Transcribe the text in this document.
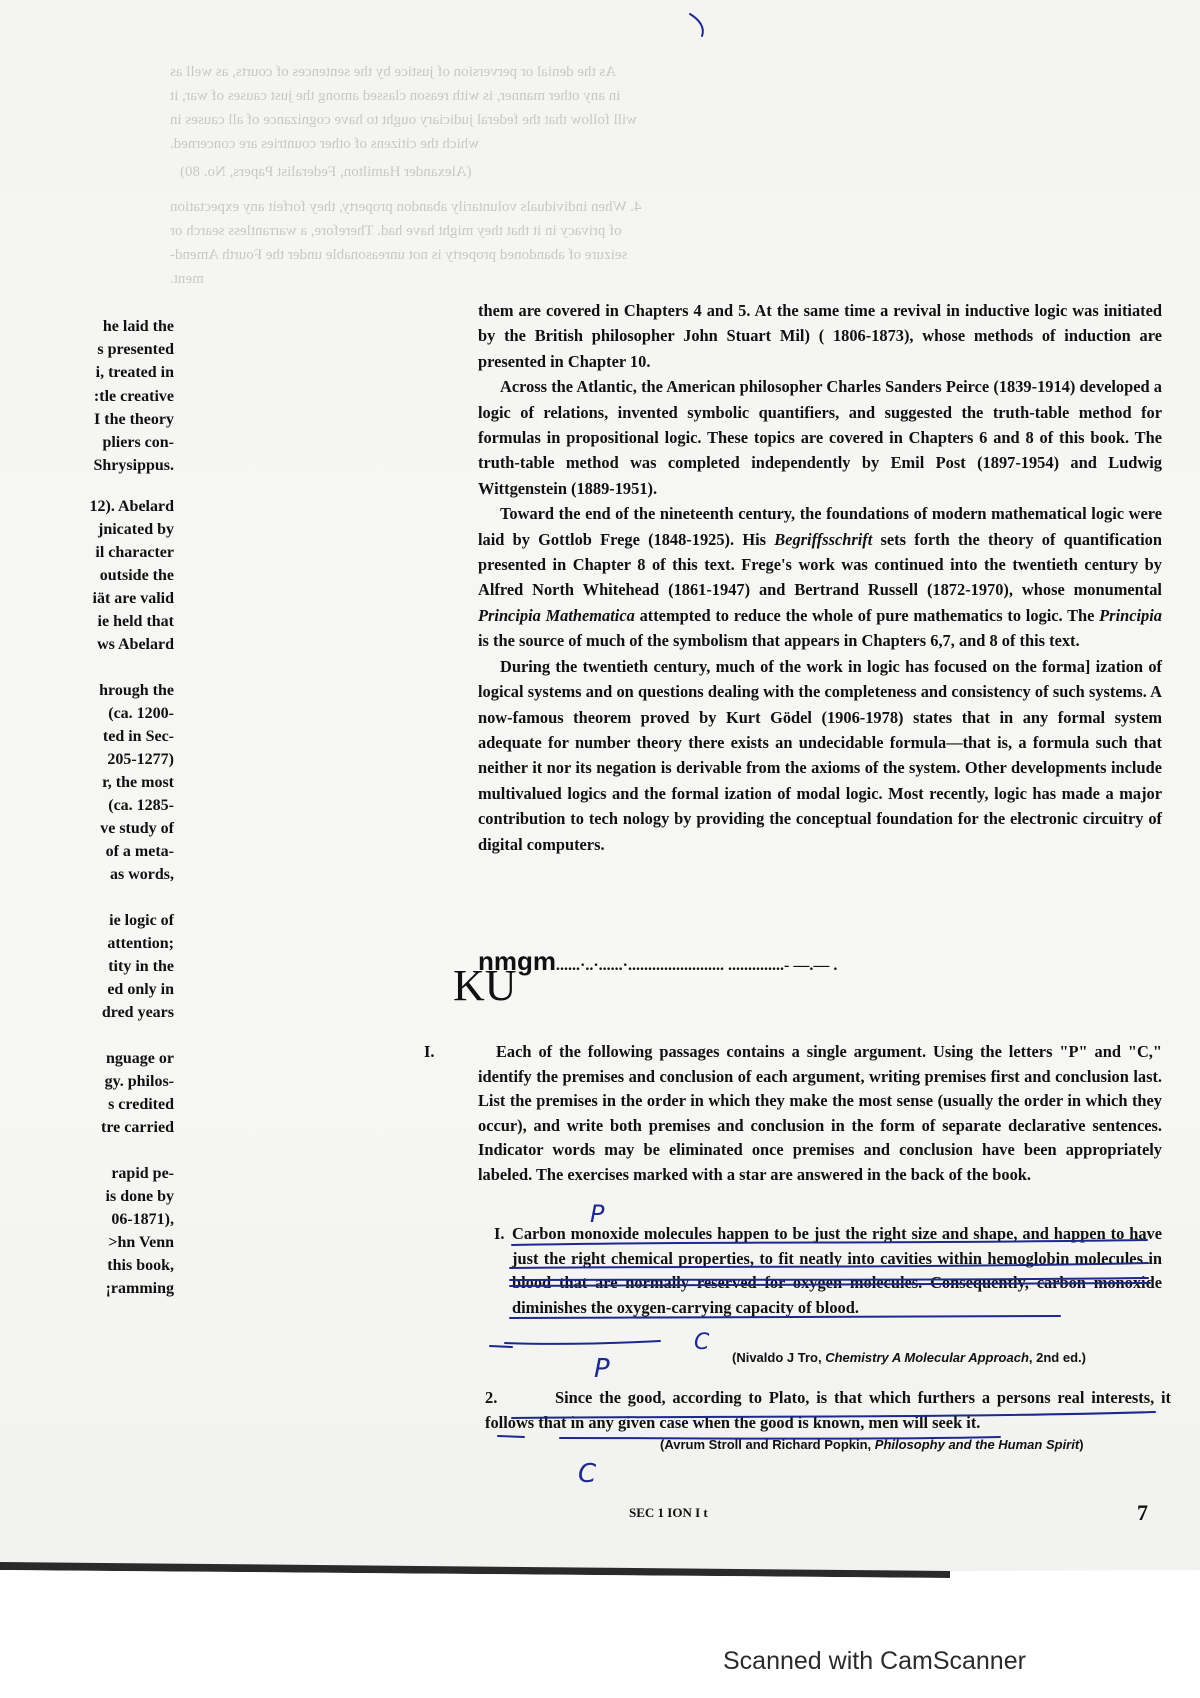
As the denial or perversion of justice by the sentences of courts, as well as
in any other manner, is with reason classed among the just causes of war, it
will follow that the federal judiciary ought to have cognizance of all causes in
which the citizens of other countries are concerned.
(Alexander Hamilton, Federalist Papers, No. 80)
4. When individuals voluntarily abandon property, they forfeit any expectation
of privacy in it that they might have had. Therefore, a warrantless search or
seizure of abandoned property is not unreasonable under the Fourth Amend-
ment.
he laid the
s presented
i, treated in
:tle creative
I the theory
pliers con-
Shrysippus.
12). Abelard
jnicated by
il character
outside the
iät are valid
ie held that
ws Abelard
hrough the
(ca. 1200-
ted in Sec-
205-1277)
r, the most
(ca. 1285-
ve study of
of a meta-
as words,
ie logic of
attention;
tity in the
ed only in
dred years
nguage or
gy. philos-
s credited
tre carried
rapid pe-
is done by
06-1871),
>hn Venn
this book,
¡ramming

them are covered in Chapters 4 and 5. At the same time a revival in inductive logic was initiated by the British philosopher John Stuart Mil) ( 1806-1873), whose methods of induction are presented in Chapter 10.

Across the Atlantic, the American philosopher Charles Sanders Peirce (1839-1914) developed a logic of relations, invented symbolic quantifiers, and suggested the truth-table method for formulas in propositional logic. These topics are covered in Chapters 6 and 8 of this book. The truth-table method was completed independently by Emil Post (1897-1954) and Ludwig Wittgenstein (1889-1951).

Toward the end of the nineteenth century, the foundations of modern mathematical logic were laid by Gottlob Frege (1848-1925). His Begriffsschrift sets forth the theory of quantification presented in Chapter 8 of this text. Frege's work was continued into the twentieth century by Alfred North Whitehead (1861-1947) and Bertrand Russell (1872-1970), whose monumental Principia Mathematica attempted to reduce the whole of pure mathematics to logic. The Principia is the source of much of the symbolism that appears in Chapters 6,7, and 8 of this text.

During the twentieth century, much of the work in logic has focused on the forma] ization of logical systems and on questions dealing with the completeness and consistency of such systems. A now-famous theorem proved by Kurt Gödel (1906-1978) states that in any formal system adequate for number theory there exists an undecidable formula—that is, a formula such that neither it nor its negation is derivable from the axioms of the system. Other developments include multivalued logics and the formal ization of modal logic. Most recently, logic has made a major contribution to tech nology by providing the conceptual foundation for the electronic circuitry of digital computers.

nmgm......·..·......·........................ ..............- —.— .
KU
I.	Each of the following passages contains a single argument. Using the letters "P" and "C," identify the premises and conclusion of each argument, writing premises first and conclusion last. List the premises in the order in which they make the most sense (usually the order in which they occur), and write both premises and conclusion in the form of separate declarative sentences. Indicator words may be eliminated once premises and conclusion have been appropriately labeled. The exercises marked with a star are answered in the back of the book.
I. Carbon monoxide molecules happen to be just the right size and shape, and happen to have just the right chemical properties, to fit neatly into cavities within hemoglobin molecules in blood that are normally reserved for oxygen molecules. Consequently, carbon monoxide diminishes the oxygen-carrying capacity of blood.
(Nivaldo J Tro, Chemistry A Molecular Approach, 2nd ed.)
2.	Since the good, according to Plato, is that which furthers a persons real interests, it follows that in any given case when the good is known, men will seek it.
(Avrum Stroll and Richard Popkin, Philosophy and the Human Spirit)
SEC 1 ION I t	7
P
C
P
C
Scanned with CamScanner
